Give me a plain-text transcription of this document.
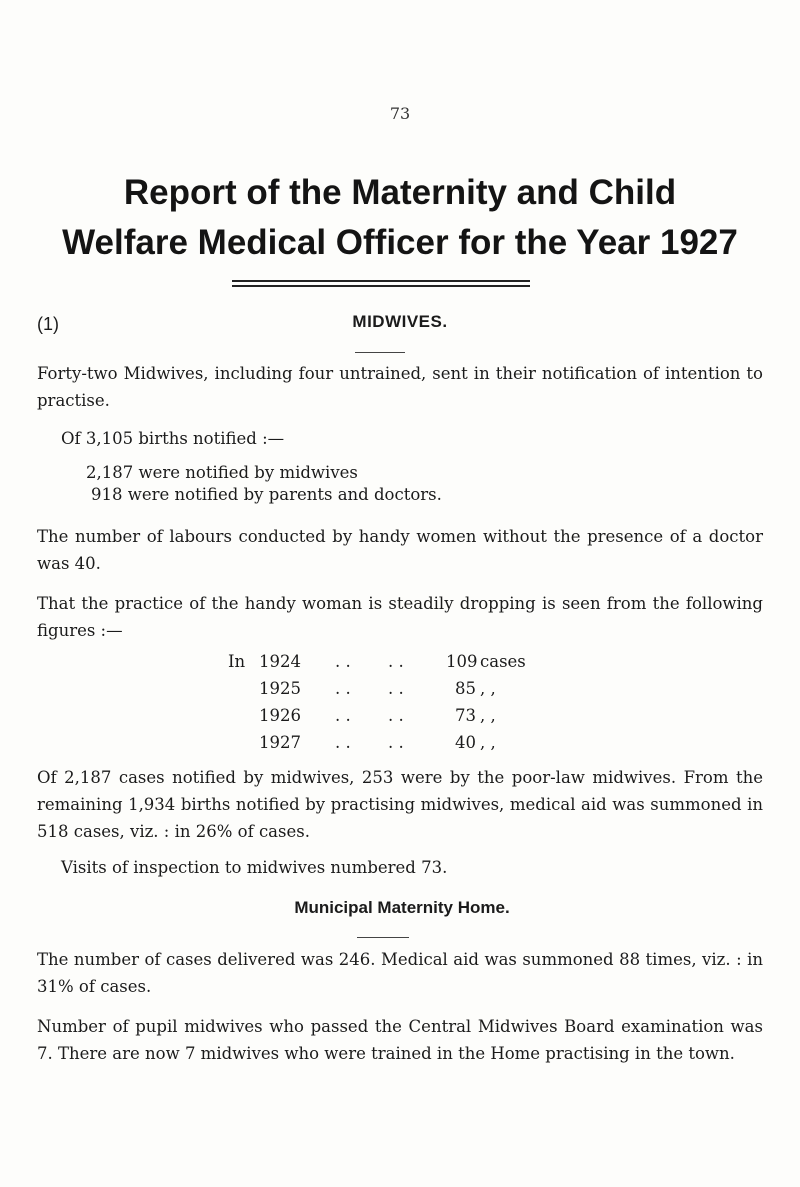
73
Report of the Maternity and Child
Welfare Medical Officer for the Year 1927
(1)	MIDWIVES.

Forty-two Midwives, including four untrained, sent in their notification of intention to practise.

Of 3,105 births notified :—

2,187 were notified by midwives

918 were notified by parents and doctors.

The number of labours conducted by handy women without the presence of a doctor was 40.

That the practice of the handy woman is steadily dropping is seen from the following figures :—

In 1924 . . . .	109 cases
1925 . . . .	85 , ,
1926 . . . .	73 , ,
1927 . . . .	40 , ,

Of 2,187 cases notified by midwives, 253 were by the poor-law midwives. From the remaining 1,934 births notified by practising midwives, medical aid was summoned in 518 cases, viz. : in 26% of cases.

Visits of inspection to midwives numbered 73.

Municipal Maternity Home.

The number of cases delivered was 246. Medical aid was summoned 88 times, viz. : in 31% of cases.

Number of pupil midwives who passed the Central Midwives Board examination was 7. There are now 7 midwives who were trained in the Home practising in the town.
